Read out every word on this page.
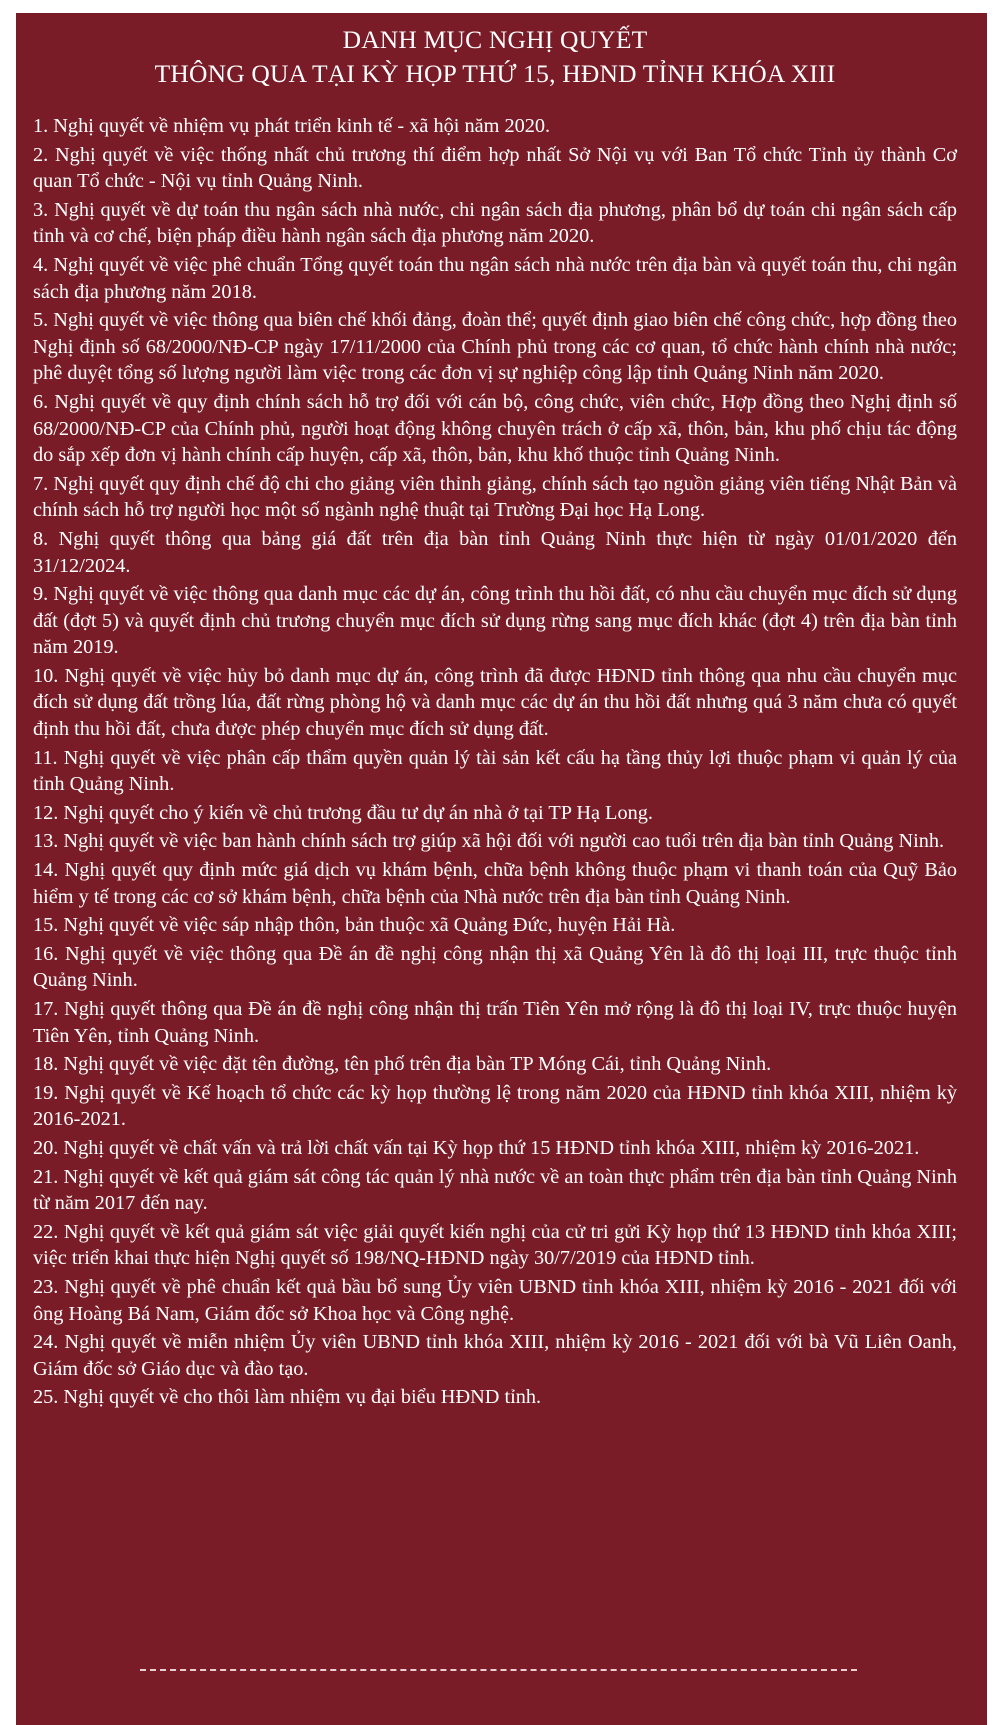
DANH MỤC NGHỊ QUYẾT
THÔNG QUA TẠI KỲ HỌP THỨ 15, HĐND TỈNH KHÓA XIII
1. Nghị quyết về nhiệm vụ phát triển kinh tế - xã hội năm 2020.
2. Nghị quyết về việc thống nhất chủ trương thí điểm hợp nhất Sở Nội vụ với Ban Tổ chức Tỉnh ủy thành Cơ quan Tổ chức - Nội vụ tỉnh Quảng Ninh.
3. Nghị quyết về dự toán thu ngân sách nhà nước, chi ngân sách địa phương, phân bổ dự toán chi ngân sách cấp tỉnh và cơ chế, biện pháp điều hành ngân sách địa phương năm 2020.
4. Nghị quyết về việc phê chuẩn Tổng quyết toán thu ngân sách nhà nước trên địa bàn và quyết toán thu, chi ngân sách địa phương năm 2018.
5. Nghị quyết về việc thông qua biên chế khối đảng, đoàn thể; quyết định giao biên chế công chức, hợp đồng theo Nghị định số 68/2000/NĐ-CP ngày 17/11/2000 của Chính phủ trong các cơ quan, tổ chức hành chính nhà nước; phê duyệt tổng số lượng người làm việc trong các đơn vị sự nghiệp công lập tỉnh Quảng Ninh năm 2020.
6. Nghị quyết về quy định chính sách hỗ trợ đối với cán bộ, công chức, viên chức, Hợp đồng theo Nghị định số 68/2000/NĐ-CP của Chính phủ, người hoạt động không chuyên trách ở cấp xã, thôn, bản, khu phố chịu tác động do sắp xếp đơn vị hành chính cấp huyện, cấp xã, thôn, bản, khu khố thuộc tỉnh Quảng Ninh.
7. Nghị quyết quy định chế độ chi cho giảng viên thỉnh giảng, chính sách tạo nguồn giảng viên tiếng Nhật Bản và chính sách hỗ trợ người học một số ngành nghệ thuật tại Trường Đại học Hạ Long.
8. Nghị quyết thông qua bảng giá đất trên địa bàn tỉnh Quảng Ninh thực hiện từ ngày 01/01/2020 đến 31/12/2024.
9. Nghị quyết về việc thông qua danh mục các dự án, công trình thu hồi đất, có nhu cầu chuyển mục đích sử dụng đất (đợt 5) và quyết định chủ trương chuyển mục đích sử dụng rừng sang mục đích khác (đợt 4) trên địa bàn tỉnh năm 2019.
10. Nghị quyết về việc hủy bỏ danh mục dự án, công trình đã được HĐND tỉnh thông qua nhu cầu chuyển mục đích sử dụng đất trồng lúa, đất rừng phòng hộ và danh mục các dự án thu hồi đất nhưng quá 3 năm chưa có quyết định thu hồi đất, chưa được phép chuyển mục đích sử dụng đất.
11. Nghị quyết về việc phân cấp thẩm quyền quản lý tài sản kết cấu hạ tầng thủy lợi thuộc phạm vi quản lý của tỉnh Quảng Ninh.
12. Nghị quyết cho ý kiến về chủ trương đầu tư dự án nhà ở tại TP Hạ Long.
13. Nghị quyết về việc ban hành chính sách trợ giúp xã hội đối với người cao tuổi trên địa bàn tỉnh Quảng Ninh.
14. Nghị quyết quy định mức giá dịch vụ khám bệnh, chữa bệnh không thuộc phạm vi thanh toán của Quỹ Bảo hiểm y tế trong các cơ sở khám bệnh, chữa bệnh của Nhà nước trên địa bàn tỉnh Quảng Ninh.
15. Nghị quyết về việc sáp nhập thôn, bản thuộc xã Quảng Đức, huyện Hải Hà.
16. Nghị quyết về việc thông qua Đề án đề nghị công nhận thị xã Quảng Yên là đô thị loại III, trực thuộc tỉnh Quảng Ninh.
17. Nghị quyết thông qua Đề án đề nghị công nhận thị trấn Tiên Yên mở rộng là đô thị loại IV, trực thuộc huyện Tiên Yên, tỉnh Quảng Ninh.
18. Nghị quyết về việc đặt tên đường, tên phố trên địa bàn TP Móng Cái, tỉnh Quảng Ninh.
19. Nghị quyết về Kế hoạch tổ chức các kỳ họp thường lệ trong năm 2020 của HĐND tỉnh khóa XIII, nhiệm kỳ 2016-2021.
20. Nghị quyết về chất vấn và trả lời chất vấn tại Kỳ họp thứ 15 HĐND tỉnh khóa XIII, nhiệm kỳ 2016-2021.
21. Nghị quyết về kết quả giám sát công tác quản lý nhà nước về an toàn thực phẩm trên địa bàn tỉnh Quảng Ninh từ năm 2017 đến nay.
22. Nghị quyết về kết quả giám sát việc giải quyết kiến nghị của cử tri gửi Kỳ họp thứ 13 HĐND tỉnh khóa XIII; việc triển khai thực hiện Nghị quyết số 198/NQ-HĐND ngày 30/7/2019 của HĐND tỉnh.
23. Nghị quyết về phê chuẩn kết quả bầu bổ sung Ủy viên UBND tỉnh khóa XIII, nhiệm kỳ 2016 - 2021 đối với ông Hoàng Bá Nam, Giám đốc sở Khoa học và Công nghệ.
24. Nghị quyết về miễn nhiệm Ủy viên UBND tỉnh khóa XIII, nhiệm kỳ 2016 - 2021 đối với bà Vũ Liên Oanh, Giám đốc sở Giáo dục và đào tạo.
25. Nghị quyết về cho thôi làm nhiệm vụ đại biểu HĐND tỉnh.
